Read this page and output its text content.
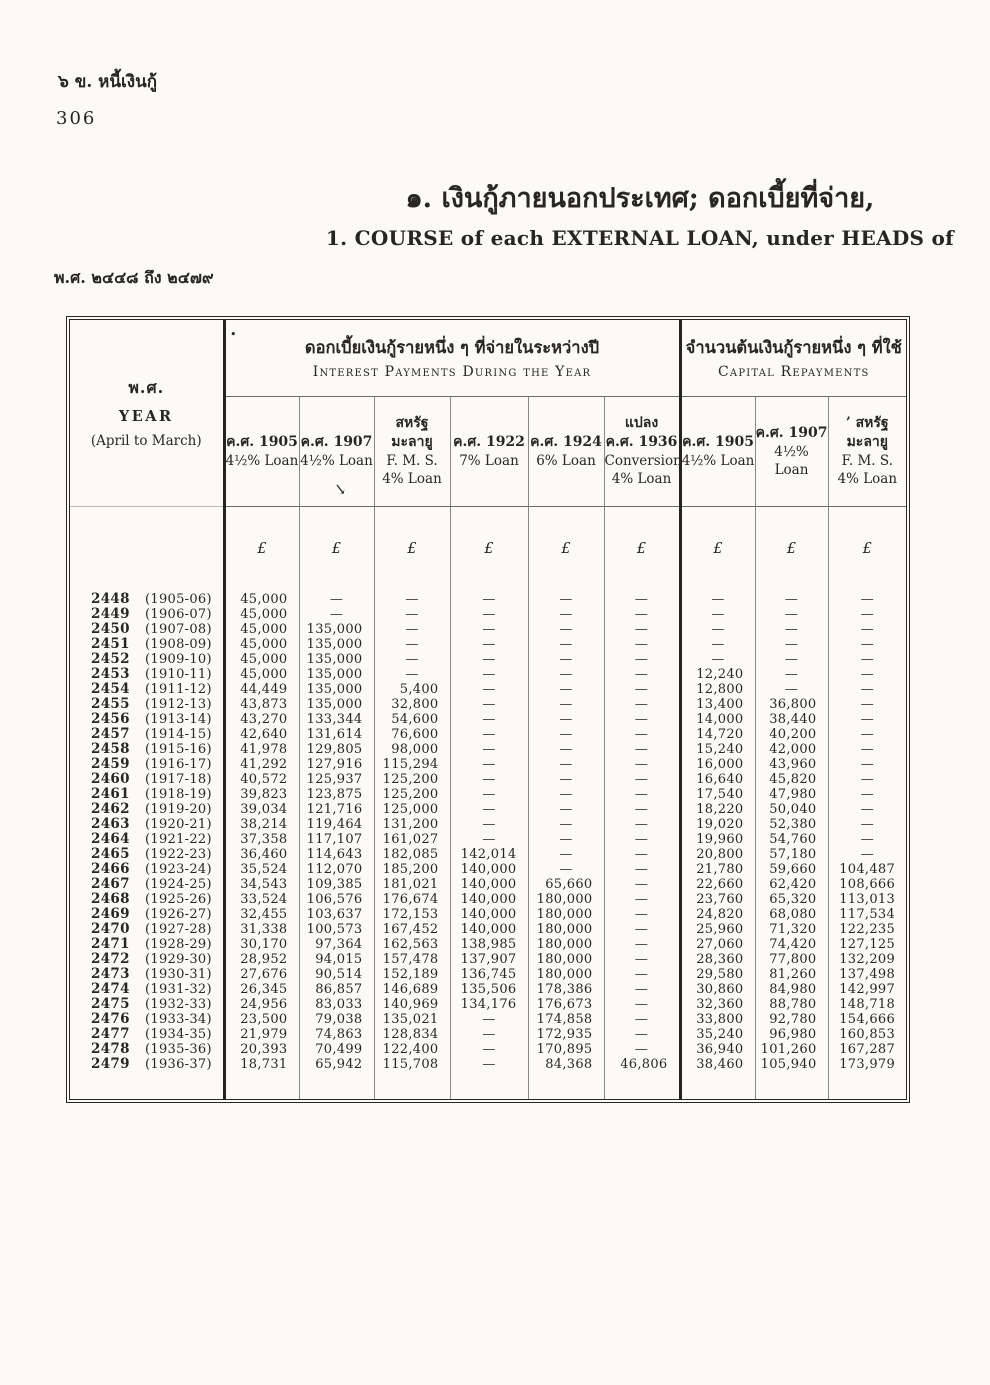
๖ ข. หนี้เงินกู้
306
๑. เงินกู้ภายนอกประเทศ; ดอกเบี้ยที่จ่าย,
1. COURSE of each EXTERNAL LOAN, under HEADS of
พ.ศ. ๒๔๔๘ ถึง ๒๔๗๙
•
พ.ศ.
YEAR
(April to March)

ดอกเบี้ยเงินกู้รายหนึ่ง ๆ ที่จ่ายในระหว่างปี
Interest Payments During the Year

จำนวนต้นเงินกู้รายหนึ่ง ๆ ที่ใช้
Capital Repayments

ค.ศ. 1905
4½% Loan

ค.ศ. 1907
4½% Loan
↘

สหรัฐ
มะลายู
F. M. S.
4% Loan

ค.ศ. 1922
7% Loan

ค.ศ. 1924
6% Loan

แปลง
ค.ศ. 1936
Conversion
4% Loan

ค.ศ. 1905
4½% Loan

ค.ศ. 1907
4½% Loan

’ สหรัฐ
มะลายู
F. M. S.
4% Loan

	£	£	£	£	£	£	£	£	£
2448 (1905-06)	45,000	—	—	—	—	—	—	—	—
2449 (1906-07)	45,000	—	—	—	—	—	—	—	—
2450 (1907-08)	45,000	135,000	—	—	—	—	—	—	—
2451 (1908-09)	45,000	135,000	—	—	—	—	—	—	—
2452 (1909-10)	45,000	135,000	—	—	—	—	—	—	—
2453 (1910-11)	45,000	135,000	—	—	—	—	12,240	—	—
2454 (1911-12)	44,449	135,000	5,400	—	—	—	12,800	—	—
2455 (1912-13)	43,873	135,000	32,800	—	—	—	13,400	36,800	—
2456 (1913-14)	43,270	133,344	54,600	—	—	—	14,000	38,440	—
2457 (1914-15)	42,640	131,614	76,600	—	—	—	14,720	40,200	—
2458 (1915-16)	41,978	129,805	98,000	—	—	—	15,240	42,000	—
2459 (1916-17)	41,292	127,916	115,294	—	—	—	16,000	43,960	—
2460 (1917-18)	40,572	125,937	125,200	—	—	—	16,640	45,820	—
2461 (1918-19)	39,823	123,875	125,200	—	—	—	17,540	47,980	—
2462 (1919-20)	39,034	121,716	125,000	—	—	—	18,220	50,040	—
2463 (1920-21)	38,214	119,464	131,200	—	—	—	19,020	52,380	—
2464 (1921-22)	37,358	117,107	161,027	—	—	—	19,960	54,760	—
2465 (1922-23)	36,460	114,643	182,085	142,014	—	—	20,800	57,180	—
2466 (1923-24)	35,524	112,070	185,200	140,000	—	—	21,780	59,660	104,487
2467 (1924-25)	34,543	109,385	181,021	140,000	65,660	—	22,660	62,420	108,666
2468 (1925-26)	33,524	106,576	176,674	140,000	180,000	—	23,760	65,320	113,013
2469 (1926-27)	32,455	103,637	172,153	140,000	180,000	—	24,820	68,080	117,534
2470 (1927-28)	31,338	100,573	167,452	140,000	180,000	—	25,960	71,320	122,235
2471 (1928-29)	30,170	97,364	162,563	138,985	180,000	—	27,060	74,420	127,125
2472 (1929-30)	28,952	94,015	157,478	137,907	180,000	—	28,360	77,800	132,209
2473 (1930-31)	27,676	90,514	152,189	136,745	180,000	—	29,580	81,260	137,498
2474 (1931-32)	26,345	86,857	146,689	135,506	178,386	—	30,860	84,980	142,997
2475 (1932-33)	24,956	83,033	140,969	134,176	176,673	—	32,360	88,780	148,718
2476 (1933-34)	23,500	79,038	135,021	—	174,858	—	33,800	92,780	154,666
2477 (1934-35)	21,979	74,863	128,834	—	172,935	—	35,240	96,980	160,853
2478 (1935-36)	20,393	70,499	122,400	—	170,895	—	36,940	101,260	167,287
2479 (1936-37)	18,731	65,942	115,708	—	84,368	46,806	38,460	105,940	173,979
